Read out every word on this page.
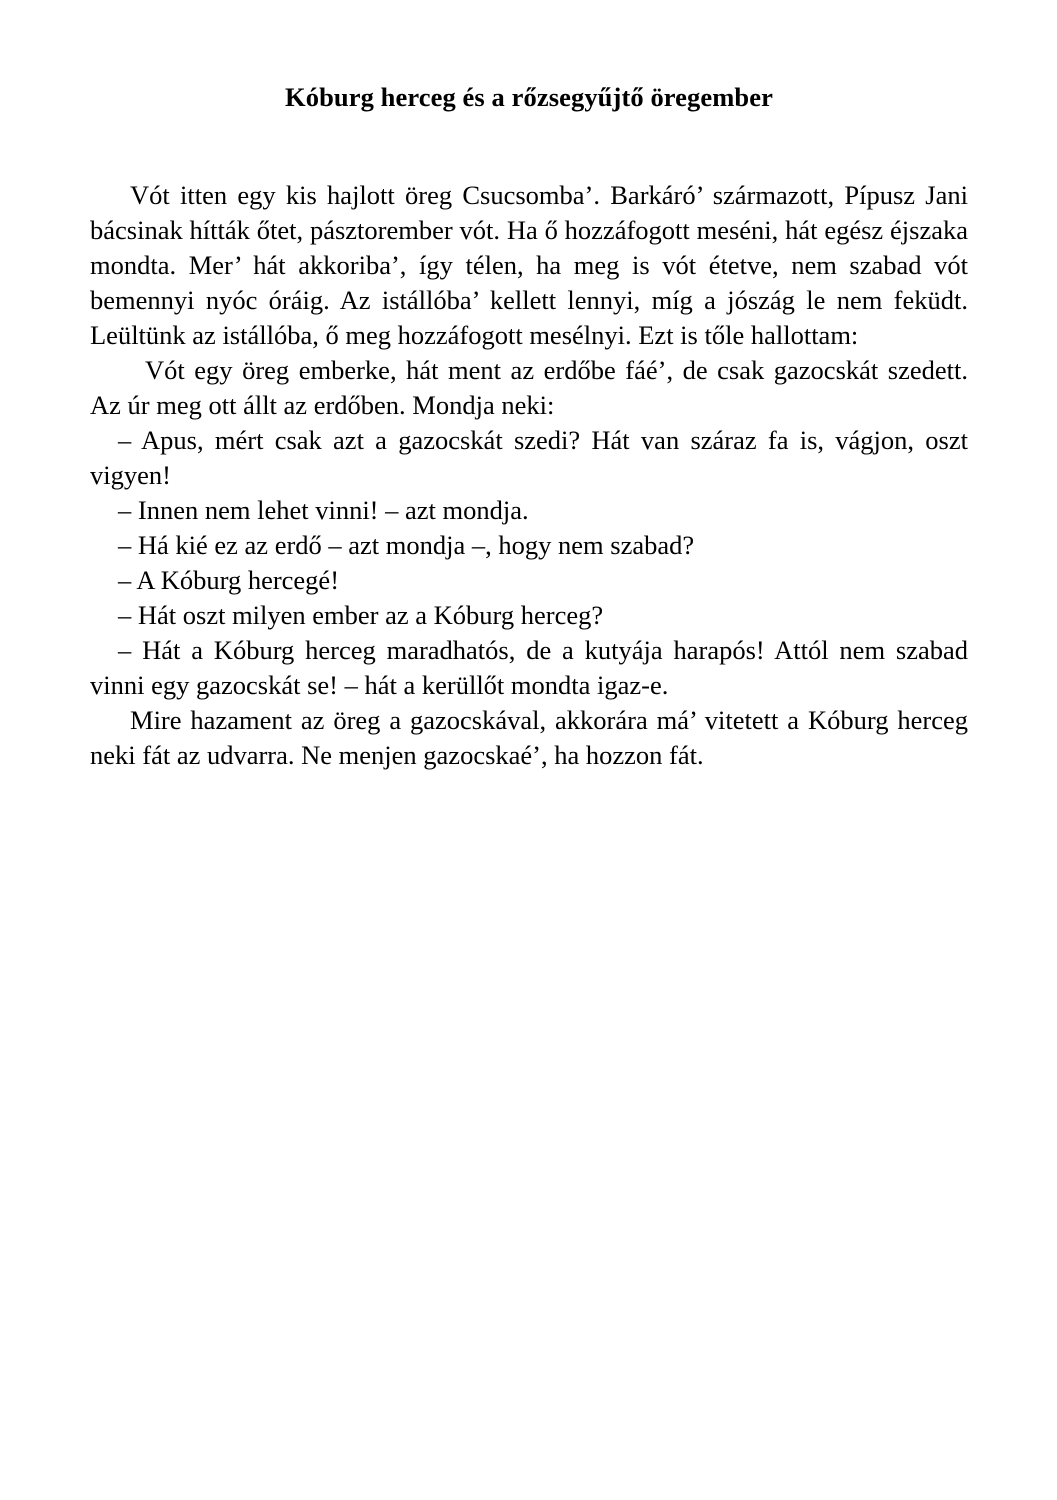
Kóburg herceg és a rőzsegyűjtő öregember

Vót itten egy kis hajlott öreg Csucsomba’. Barkáró’ származott, Pípusz Jani bácsinak hítták őtet, pásztorember vót. Ha ő hozzáfogott meséni, hát egész éjszaka mondta. Mer’ hát akkoriba’, így télen, ha meg is vót étetve, nem szabad vót bemennyi nyóc óráig. Az istállóba’ kellett lennyi, míg a jószág le nem feküdt. Leültünk az istállóba, ő meg hozzáfogott mesélnyi. Ezt is tőle hallottam:

Vót egy öreg emberke, hát ment az erdőbe fáé’, de csak gazocskát szedett. Az úr meg ott állt az erdőben. Mondja neki:

– Apus, mért csak azt a gazocskát szedi? Hát van száraz fa is, vágjon, oszt vigyen!

– Innen nem lehet vinni! – azt mondja.

– Há kié ez az erdő – azt mondja –, hogy nem szabad?

– A Kóburg hercegé!

– Hát oszt milyen ember az a Kóburg herceg?

– Hát a Kóburg herceg maradhatós, de a kutyája harapós! Attól nem szabad vinni egy gazocskát se! – hát a kerüllőt mondta igaz-e.

Mire hazament az öreg a gazocskával, akkorára má’ vitetett a Kóburg herceg neki fát az udvarra. Ne menjen gazocskaé’, ha hozzon fát.
